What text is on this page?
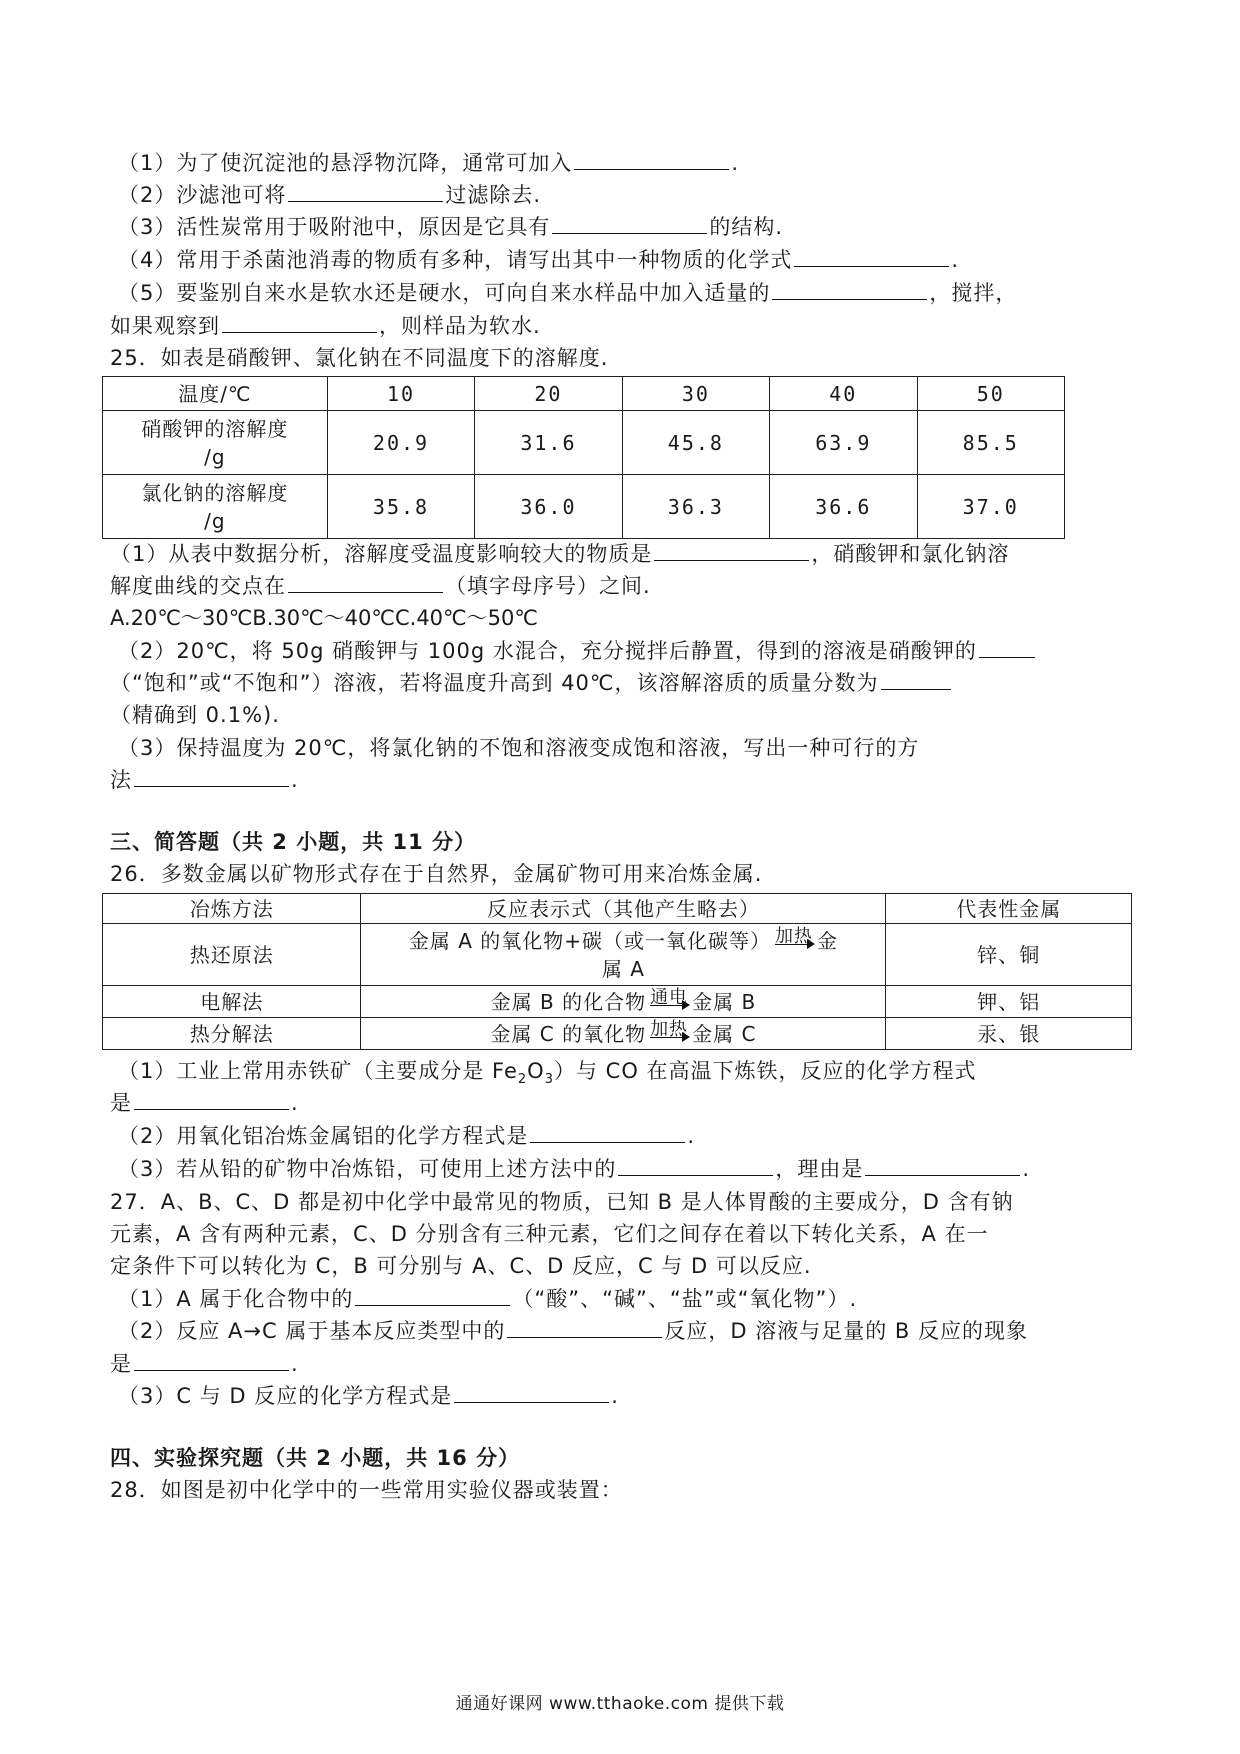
（1）为了使沉淀池的悬浮物沉降，通常可加入	.
（2）沙滤池可将	过滤除去.
（3）活性炭常用于吸附池中，原因是它具有	的结构.
（4）常用于杀菌池消毒的物质有多种，请写出其中一种物质的化学式	.
（5）要鉴别自来水是软水还是硬水，可向自来水样品中加入适量的	，搅拌，
如果观察到	，则样品为软水.
25．如表是硝酸钾、氯化钠在不同温度下的溶解度.
温度/℃	10	20	30	40	50
硝酸钾的溶解度
/g	20.9	31.6	45.8	63.9	85.5
氯化钠的溶解度
/g	35.8	36.0	36.3	36.6	37.0
（1）从表中数据分析，溶解度受温度影响较大的物质是	，硝酸钾和氯化钠溶
解度曲线的交点在	（填字母序号）之间.
A.20℃～30℃B.30℃～40℃C.40℃～50℃
（2）20℃，将 50g 硝酸钾与 100g 水混合，充分搅拌后静置，得到的溶液是硝酸钾的
（“饱和”或“不饱和”）溶液，若将温度升高到 40℃，该溶解溶质的质量分数为
（精确到 0.1%).
（3）保持温度为 20℃，将氯化钠的不饱和溶液变成饱和溶液，写出一种可行的方
法	.
三、简答题（共 2 小题，共 11 分）
26．多数金属以矿物形式存在于自然界，金属矿物可用来冶炼金属.
冶炼方法	反应表示式（其他产生略去）	代表性金属
热还原法	金属 A 的氧化物+碳（或一氧化碳等） 加热 金
属 A	锌、铜
电解法	金属 B 的化合物 通电 金属 B	钾、铝
热分解法	金属 C 的氧化物 加热 金属 C	汞、银
（1）工业上常用赤铁矿（主要成分是 $Fe_2O_3$）与 CO 在高温下炼铁，反应的化学方程式
是	.
（2）用氧化铝冶炼金属铝的化学方程式是	.
（3）若从铅的矿物中冶炼铅，可使用上述方法中的	，理由是	.
27．A、B、C、D 都是初中化学中最常见的物质，已知 B 是人体胃酸的主要成分，D 含有钠
元素，A 含有两种元素，C、D 分别含有三种元素，它们之间存在着以下转化关系，A 在一
定条件下可以转化为 C，B 可分别与 A、C、D 反应，C 与 D 可以反应.
（1）A 属于化合物中的	（“酸”、“碱”、“盐”或“氧化物”）.
（2）反应 A→C 属于基本反应类型中的	反应，D 溶液与足量的 B 反应的现象
是	.
（3）C 与 D 反应的化学方程式是	.
四、实验探究题（共 2 小题，共 16 分）
28．如图是初中化学中的一些常用实验仪器或装置：
通通好课网 www.tthaoke.com 提供下载
